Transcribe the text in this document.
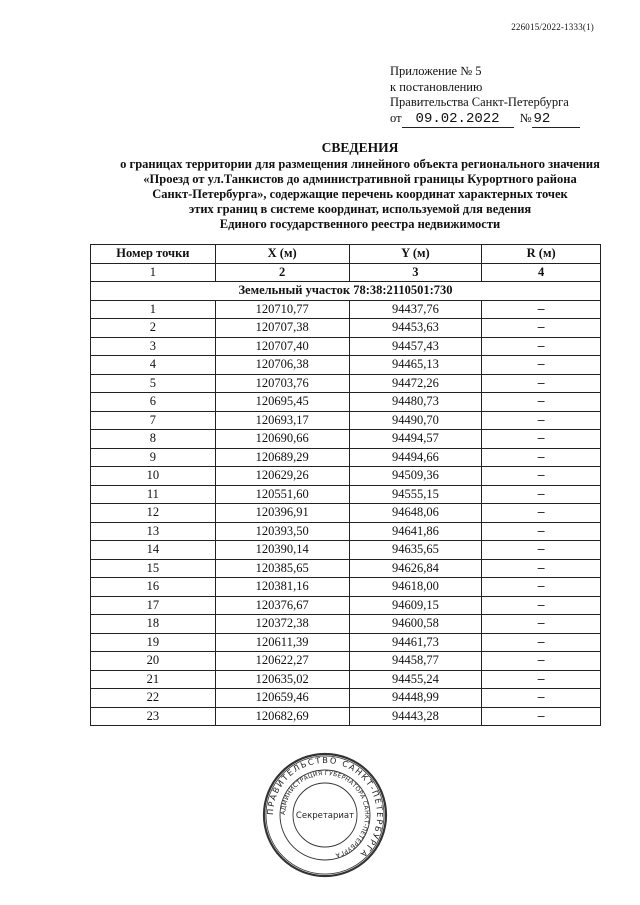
226015/2022-1333(1)
Приложение № 5
к постановлению
Правительства Санкт-Петербурга
от 09.02.2022	№ 92
СВЕДЕНИЯ
о границах территории для размещения линейного объекта регионального значения
«Проезд от ул.Танкистов до административной границы Курортного района
Санкт-Петербурга», содержащие перечень координат характерных точек
этих границ в системе координат, используемой для ведения
Единого государственного реестра недвижимости
Номер точки	X (м)	Y (м)	R (м)
1	2	3	4
Земельный участок 78:38:2110501:730			
1	120710,77	94437,76	–
2	120707,38	94453,63	–
3	120707,40	94457,43	–
4	120706,38	94465,13	–
5	120703,76	94472,26	–
6	120695,45	94480,73	–
7	120693,17	94490,70	–
8	120690,66	94494,57	–
9	120689,29	94494,66	–
10	120629,26	94509,36	–
11	120551,60	94555,15	–
12	120396,91	94648,06	–
13	120393,50	94641,86	–
14	120390,14	94635,65	–
15	120385,65	94626,84	–
16	120381,16	94618,00	–
17	120376,67	94609,15	–
18	120372,38	94600,58	–
19	120611,39	94461,73	–
20	120622,27	94458,77	–
21	120635,02	94455,24	–
22	120659,46	94448,99	–
23	120682,69	94443,28	–
ПРАВИТЕЛЬСТВО САНКТ-ПЕТЕРБУРГА
АДМИНИСТРАЦИЯ ГУБЕРНАТОРА САНКТ-ПЕТЕРБУРГА
Секретариат
